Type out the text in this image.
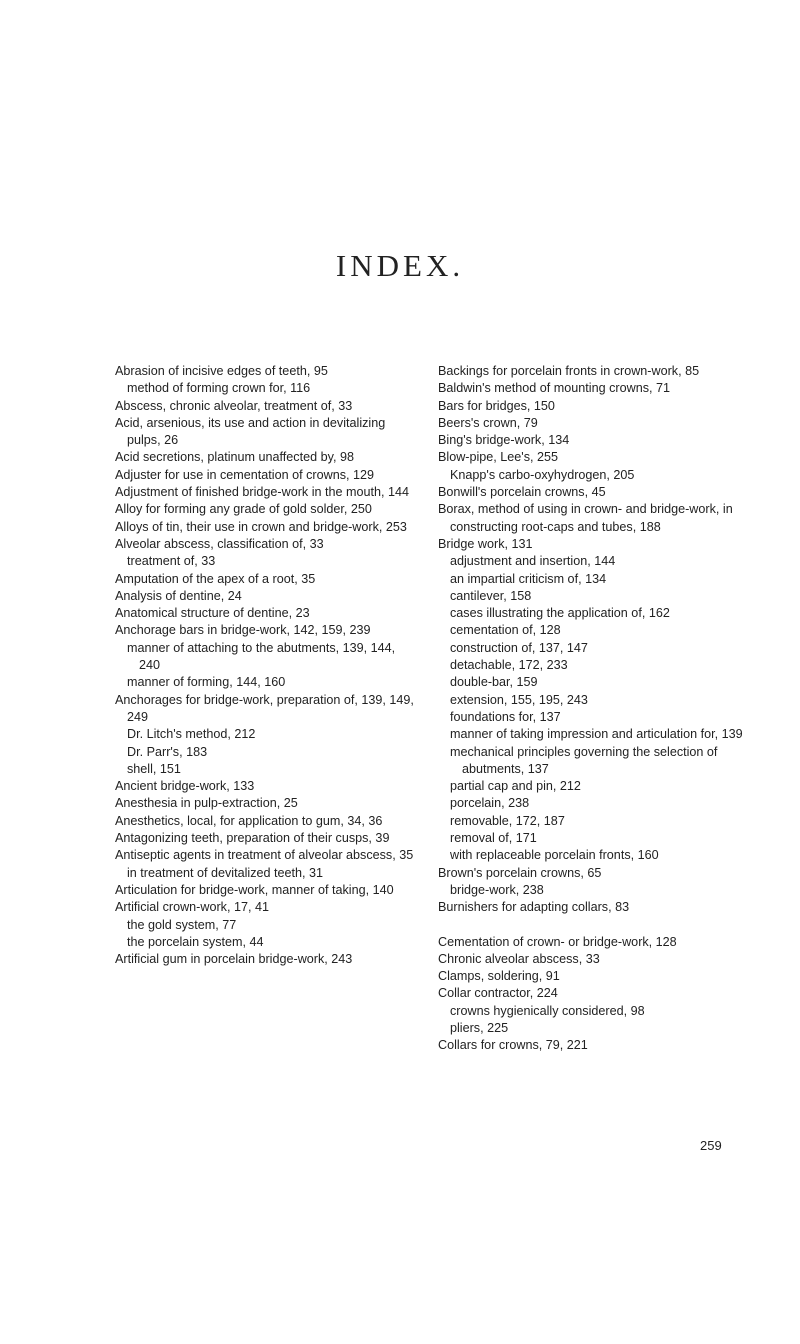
INDEX.

Abrasion of incisive edges of teeth, 95

method of forming crown for, 116

Abscess, chronic alveolar, treatment of, 33

Acid, arsenious, its use and action in devitalizing pulps, 26

Acid secretions, platinum unaffected by, 98

Adjuster for use in cementation of crowns, 129

Adjustment of finished bridge-work in the mouth, 144

Alloy for forming any grade of gold solder, 250

Alloys of tin, their use in crown and bridge-work, 253

Alveolar abscess, classification of, 33

treatment of, 33

Amputation of the apex of a root, 35

Analysis of dentine, 24

Anatomical structure of dentine, 23

Anchorage bars in bridge-work, 142, 159, 239

manner of attaching to the abutments, 139, 144, 240

manner of forming, 144, 160

Anchorages for bridge-work, preparation of, 139, 149, 249

Dr. Litch's method, 212

Dr. Parr's, 183

shell, 151

Ancient bridge-work, 133

Anesthesia in pulp-extraction, 25

Anesthetics, local, for application to gum, 34, 36

Antagonizing teeth, preparation of their cusps, 39

Antiseptic agents in treatment of alveolar abscess, 35

in treatment of devitalized teeth, 31

Articulation for bridge-work, manner of taking, 140

Artificial crown-work, 17, 41

the gold system, 77

the porcelain system, 44

Artificial gum in porcelain bridge-work, 243

Backings for porcelain fronts in crown-work, 85

Baldwin's method of mounting crowns, 71

Bars for bridges, 150

Beers's crown, 79

Bing's bridge-work, 134

Blow-pipe, Lee's, 255

Knapp's carbo-oxyhydrogen, 205

Bonwill's porcelain crowns, 45

Borax, method of using in crown- and bridge-work, in constructing root-caps and tubes, 188

Bridge work, 131

adjustment and insertion, 144

an impartial criticism of, 134

cantilever, 158

cases illustrating the application of, 162

cementation of, 128

construction of, 137, 147

detachable, 172, 233

double-bar, 159

extension, 155, 195, 243

foundations for, 137

manner of taking impression and articulation for, 139

mechanical principles governing the selection of abutments, 137

partial cap and pin, 212

porcelain, 238

removable, 172, 187

removal of, 171

with replaceable porcelain fronts, 160

Brown's porcelain crowns, 65

bridge-work, 238

Burnishers for adapting collars, 83

Cementation of crown- or bridge-work, 128

Chronic alveolar abscess, 33

Clamps, soldering, 91

Collar contractor, 224

crowns hygienically considered, 98

pliers, 225

Collars for crowns, 79, 221

259
